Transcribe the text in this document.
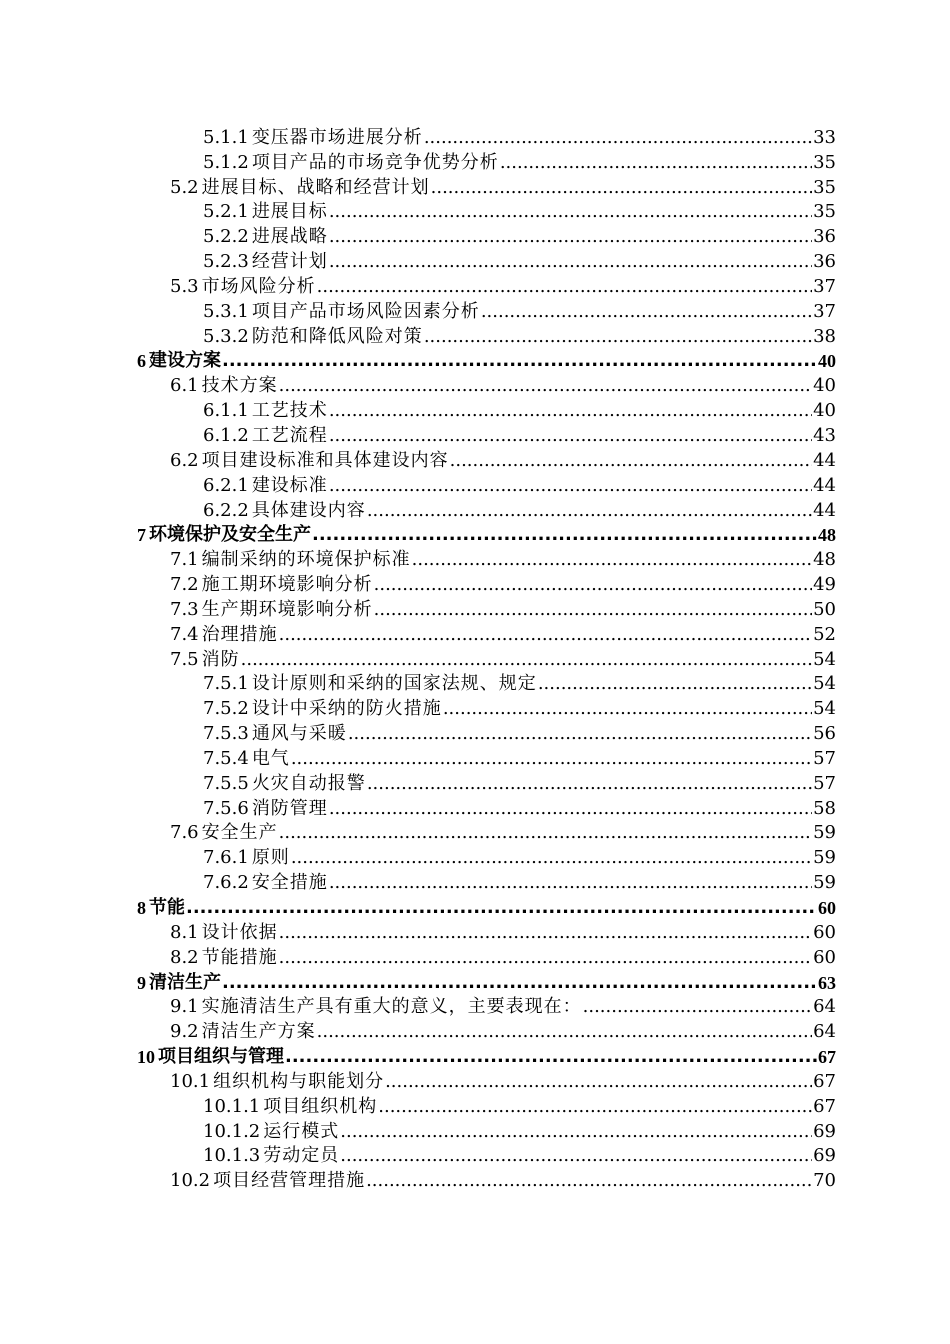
5.1.1 变压器市场进展分析 .....	33
5.1.2 项目产品的市场竞争优势分析 .....	35
5.2 进展目标、战略和经营计划 .....	35
5.2.1 进展目标 .....	35
5.2.2 进展战略 .....	36
5.2.3 经营计划 .....	36
5.3 市场风险分析 .....	37
5.3.1 项目产品市场风险因素分析 .....	37
5.3.2 防范和降低风险对策 .....	38
6 建设方案 .....	40
6.1 技术方案 .....	40
6.1.1 工艺技术 .....	40
6.1.2 工艺流程 .....	43
6.2 项目建设标准和具体建设内容 .....	44
6.2.1 建设标准 .....	44
6.2.2 具体建设内容 .....	44
7 环境保护及安全生产 .....	48
7.1 编制采纳的环境保护标准 .....	48
7.2 施工期环境影响分析 .....	49
7.3 生产期环境影响分析 .....	50
7.4 治理措施 .....	52
7.5 消防 .....	54
7.5.1 设计原则和采纳的国家法规、规定 .....	54
7.5.2 设计中采纳的防火措施 .....	54
7.5.3 通风与采暖 .....	56
7.5.4 电气 .....	57
7.5.5 火灾自动报警 .....	57
7.5.6 消防管理 .....	58
7.6 安全生产 .....	59
7.6.1 原则 .....	59
7.6.2 安全措施 .....	59
8 节能 .....	60
8.1 设计依据 .....	60
8.2 节能措施 .....	60
9 清洁生产 .....	63
9.1 实施清洁生产具有重大的意义，主要表现在： .....	64
9.2 清洁生产方案 .....	64
10 项目组织与管理 .....	67
10.1 组织机构与职能划分 .....	67
10.1.1 项目组织机构 .....	67
10.1.2 运行模式 .....	69
10.1.3 劳动定员 .....	69
10.2 项目经营管理措施 .....	70
